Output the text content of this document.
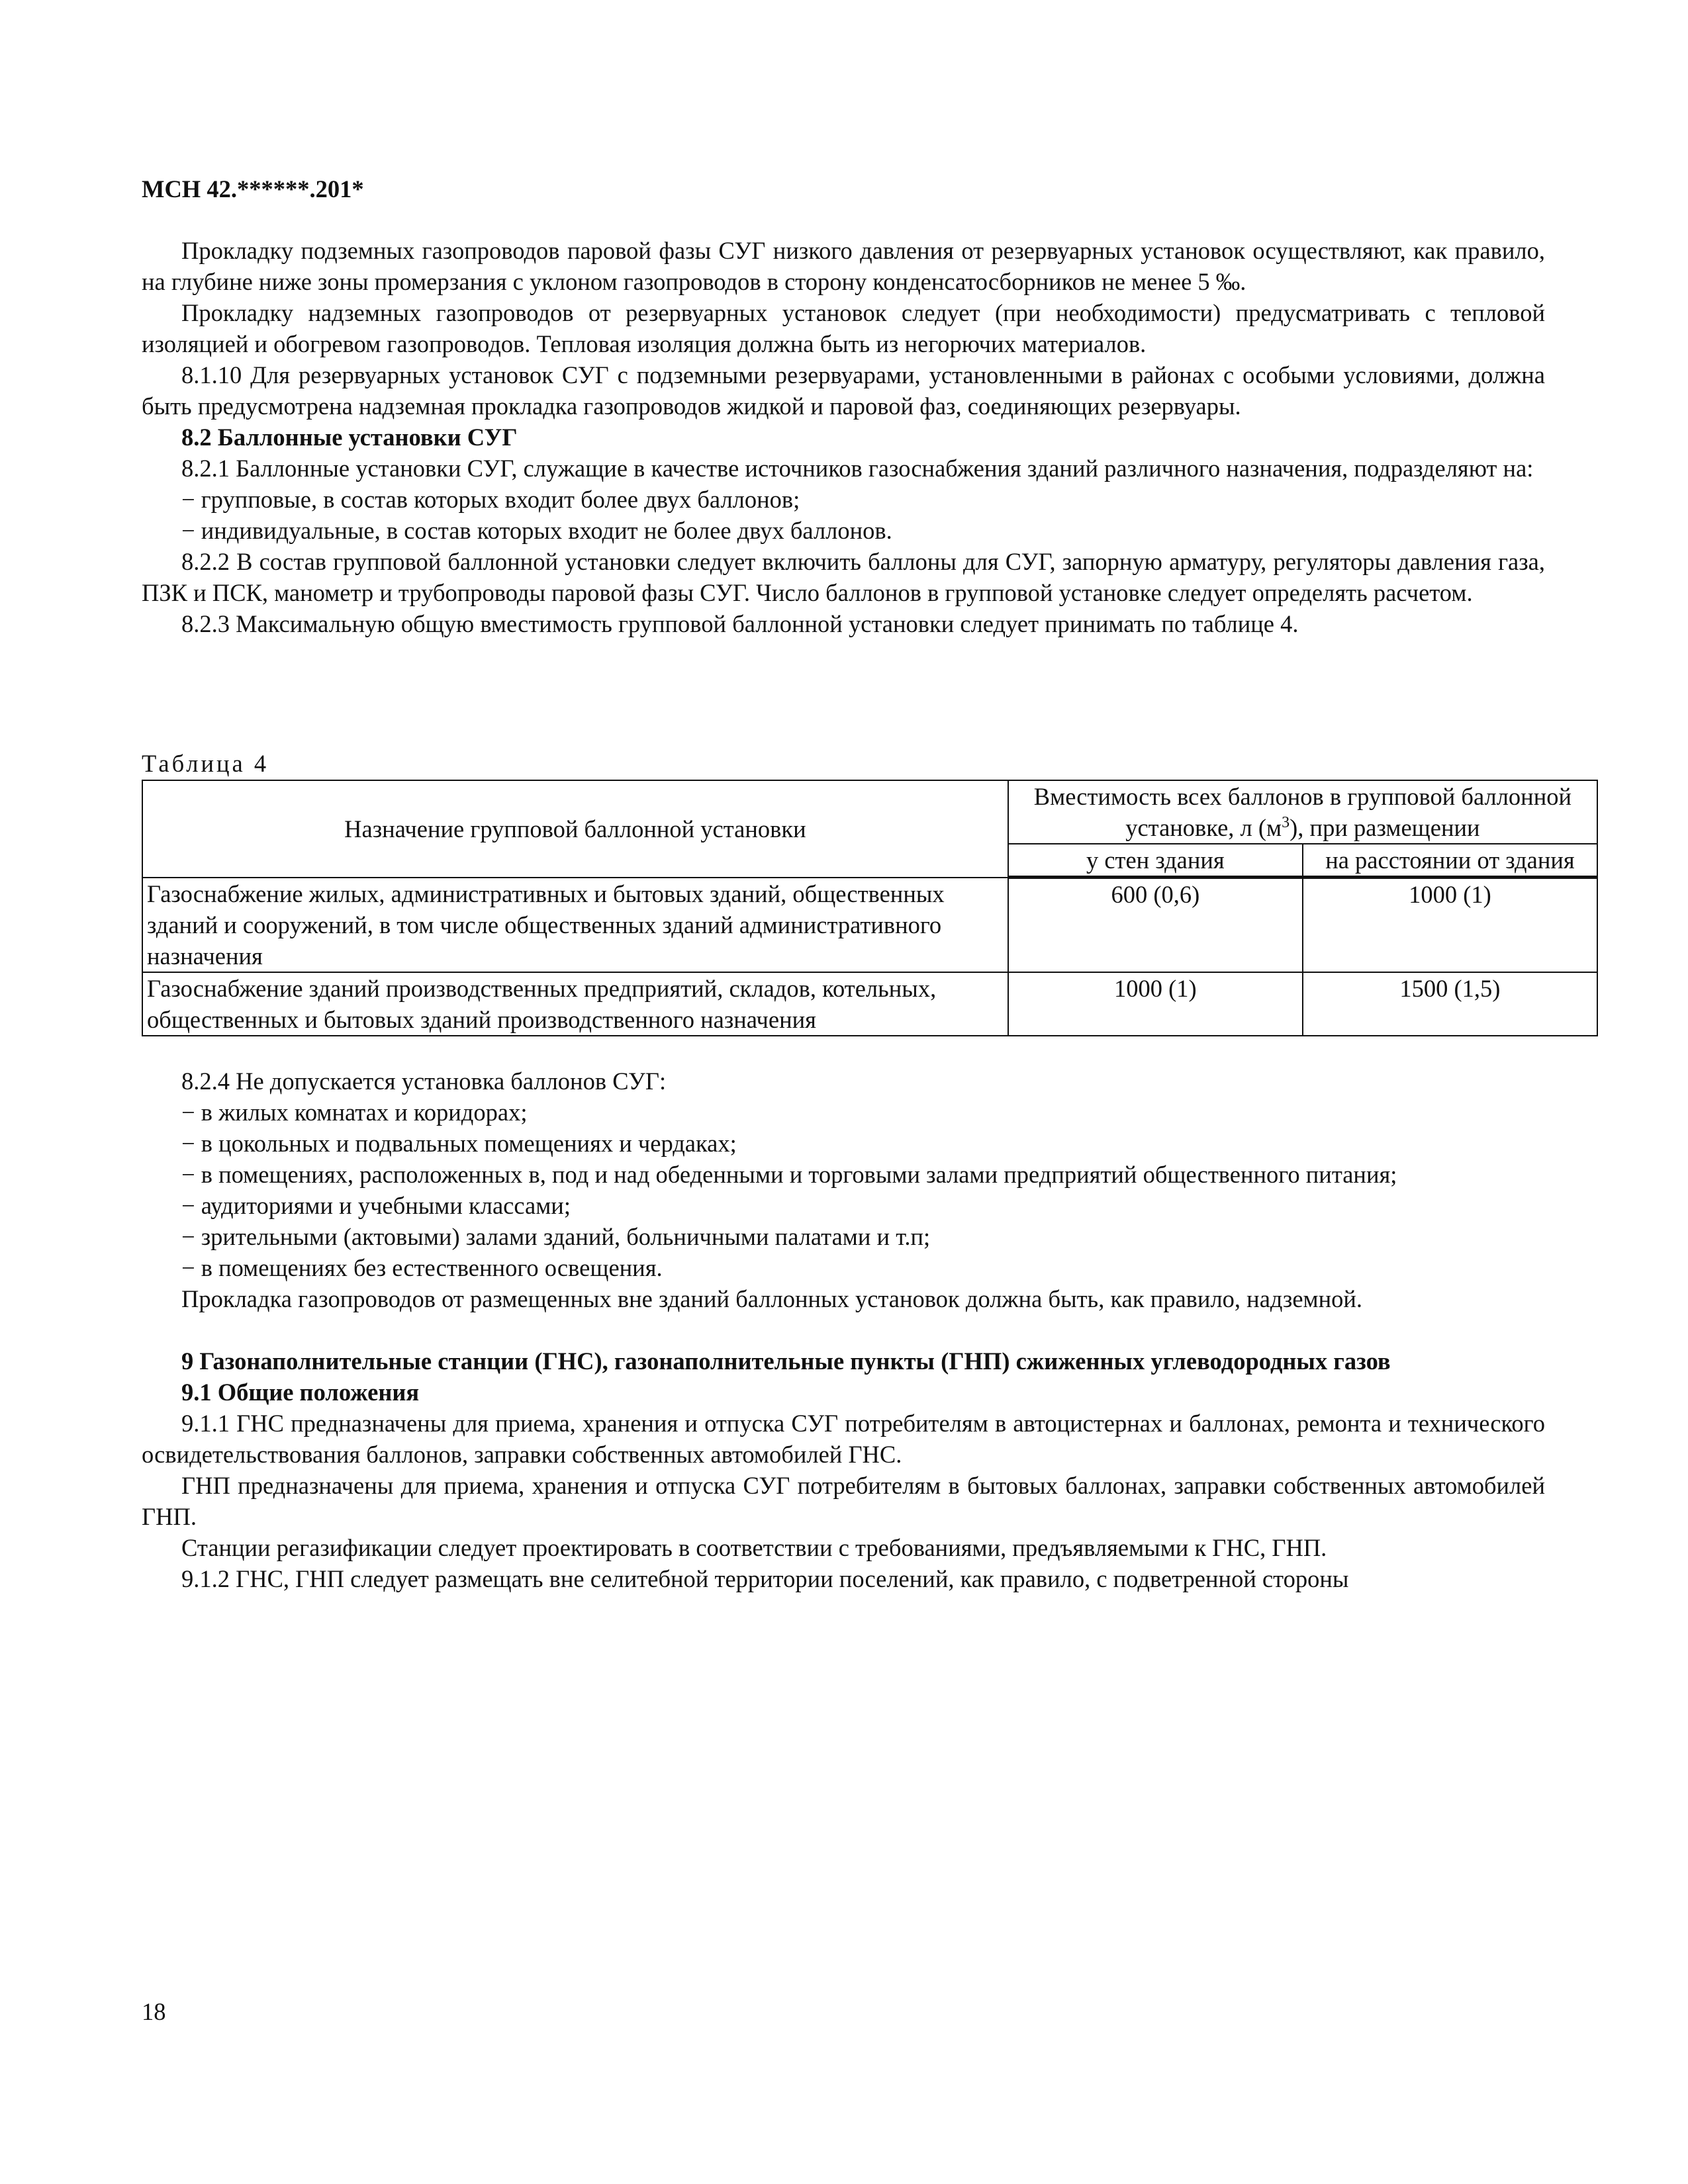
МСН 42.******.201*

Прокладку подземных газопроводов паровой фазы СУГ низкого давления от резервуарных установок осуществляют, как правило, на глубине ниже зоны промерзания с уклоном газопроводов в сторону конденсатосборников не менее 5 ‰.

Прокладку надземных газопроводов от резервуарных установок следует (при необходимости) предусматривать с тепловой изоляцией и обогревом газопроводов. Тепловая изоляция должна быть из негорючих материалов.

8.1.10 Для резервуарных установок СУГ с подземными резервуарами, установленными в районах с особыми условиями, должна быть предусмотрена надземная прокладка газопроводов жидкой и паровой фаз, соединяющих резервуары.

8.2 Баллонные установки СУГ

8.2.1 Баллонные установки СУГ, служащие в качестве источников газоснабжения зданий различного назначения, подразделяют на:

− групповые, в состав которых входит более двух баллонов;

− индивидуальные, в состав которых входит не более двух баллонов.

8.2.2 В состав групповой баллонной установки следует включить баллоны для СУГ, запорную арматуру, регуляторы давления газа, ПЗК и ПСК, манометр и трубопроводы паровой фазы СУГ. Число баллонов в групповой установке следует определять расчетом.

8.2.3 Максимальную общую вместимость групповой баллонной установки следует принимать по таблице 4.

Таблица 4
Назначение групповой баллонной установки	Вместимость всех баллонов в групповой баллонной установке, л $(м^3)$, при размещении	
	у стен здания	на расстоянии от здания
Газоснабжение жилых, административных и бытовых зданий, общественных зданий и сооружений, в том числе общественных зданий административного назначения	600 (0,6)	1000 (1)
Газоснабжение зданий производственных предприятий, складов, котельных, общественных и бытовых зданий производственного назначения	1000 (1)	1500 (1,5)

8.2.4 Не допускается установка баллонов СУГ:

− в жилых комнатах и коридорах;

− в цокольных и подвальных помещениях и чердаках;

− в помещениях, расположенных в, под и над обеденными и торговыми залами предприятий общественного питания;

− аудиториями и учебными классами;

− зрительными (актовыми) залами зданий, больничными палатами и т.п;

− в помещениях без естественного освещения.

Прокладка газопроводов от размещенных вне зданий баллонных установок должна быть, как правило, надземной.

9 Газонаполнительные станции (ГНС), газонаполнительные пункты (ГНП) сжиженных углеводородных газов

9.1 Общие положения

9.1.1 ГНС предназначены для приема, хранения и отпуска СУГ потребителям в автоцистернах и баллонах, ремонта и технического освидетельствования баллонов, заправки собственных автомобилей ГНС.

ГНП предназначены для приема, хранения и отпуска СУГ потребителям в бытовых баллонах, заправки собственных автомобилей ГНП.

Станции регазификации следует проектировать в соответствии с требованиями, предъявляемыми к ГНС, ГНП.

9.1.2 ГНС, ГНП следует размещать вне селитебной территории поселений, как правило, с подветренной стороны

18
